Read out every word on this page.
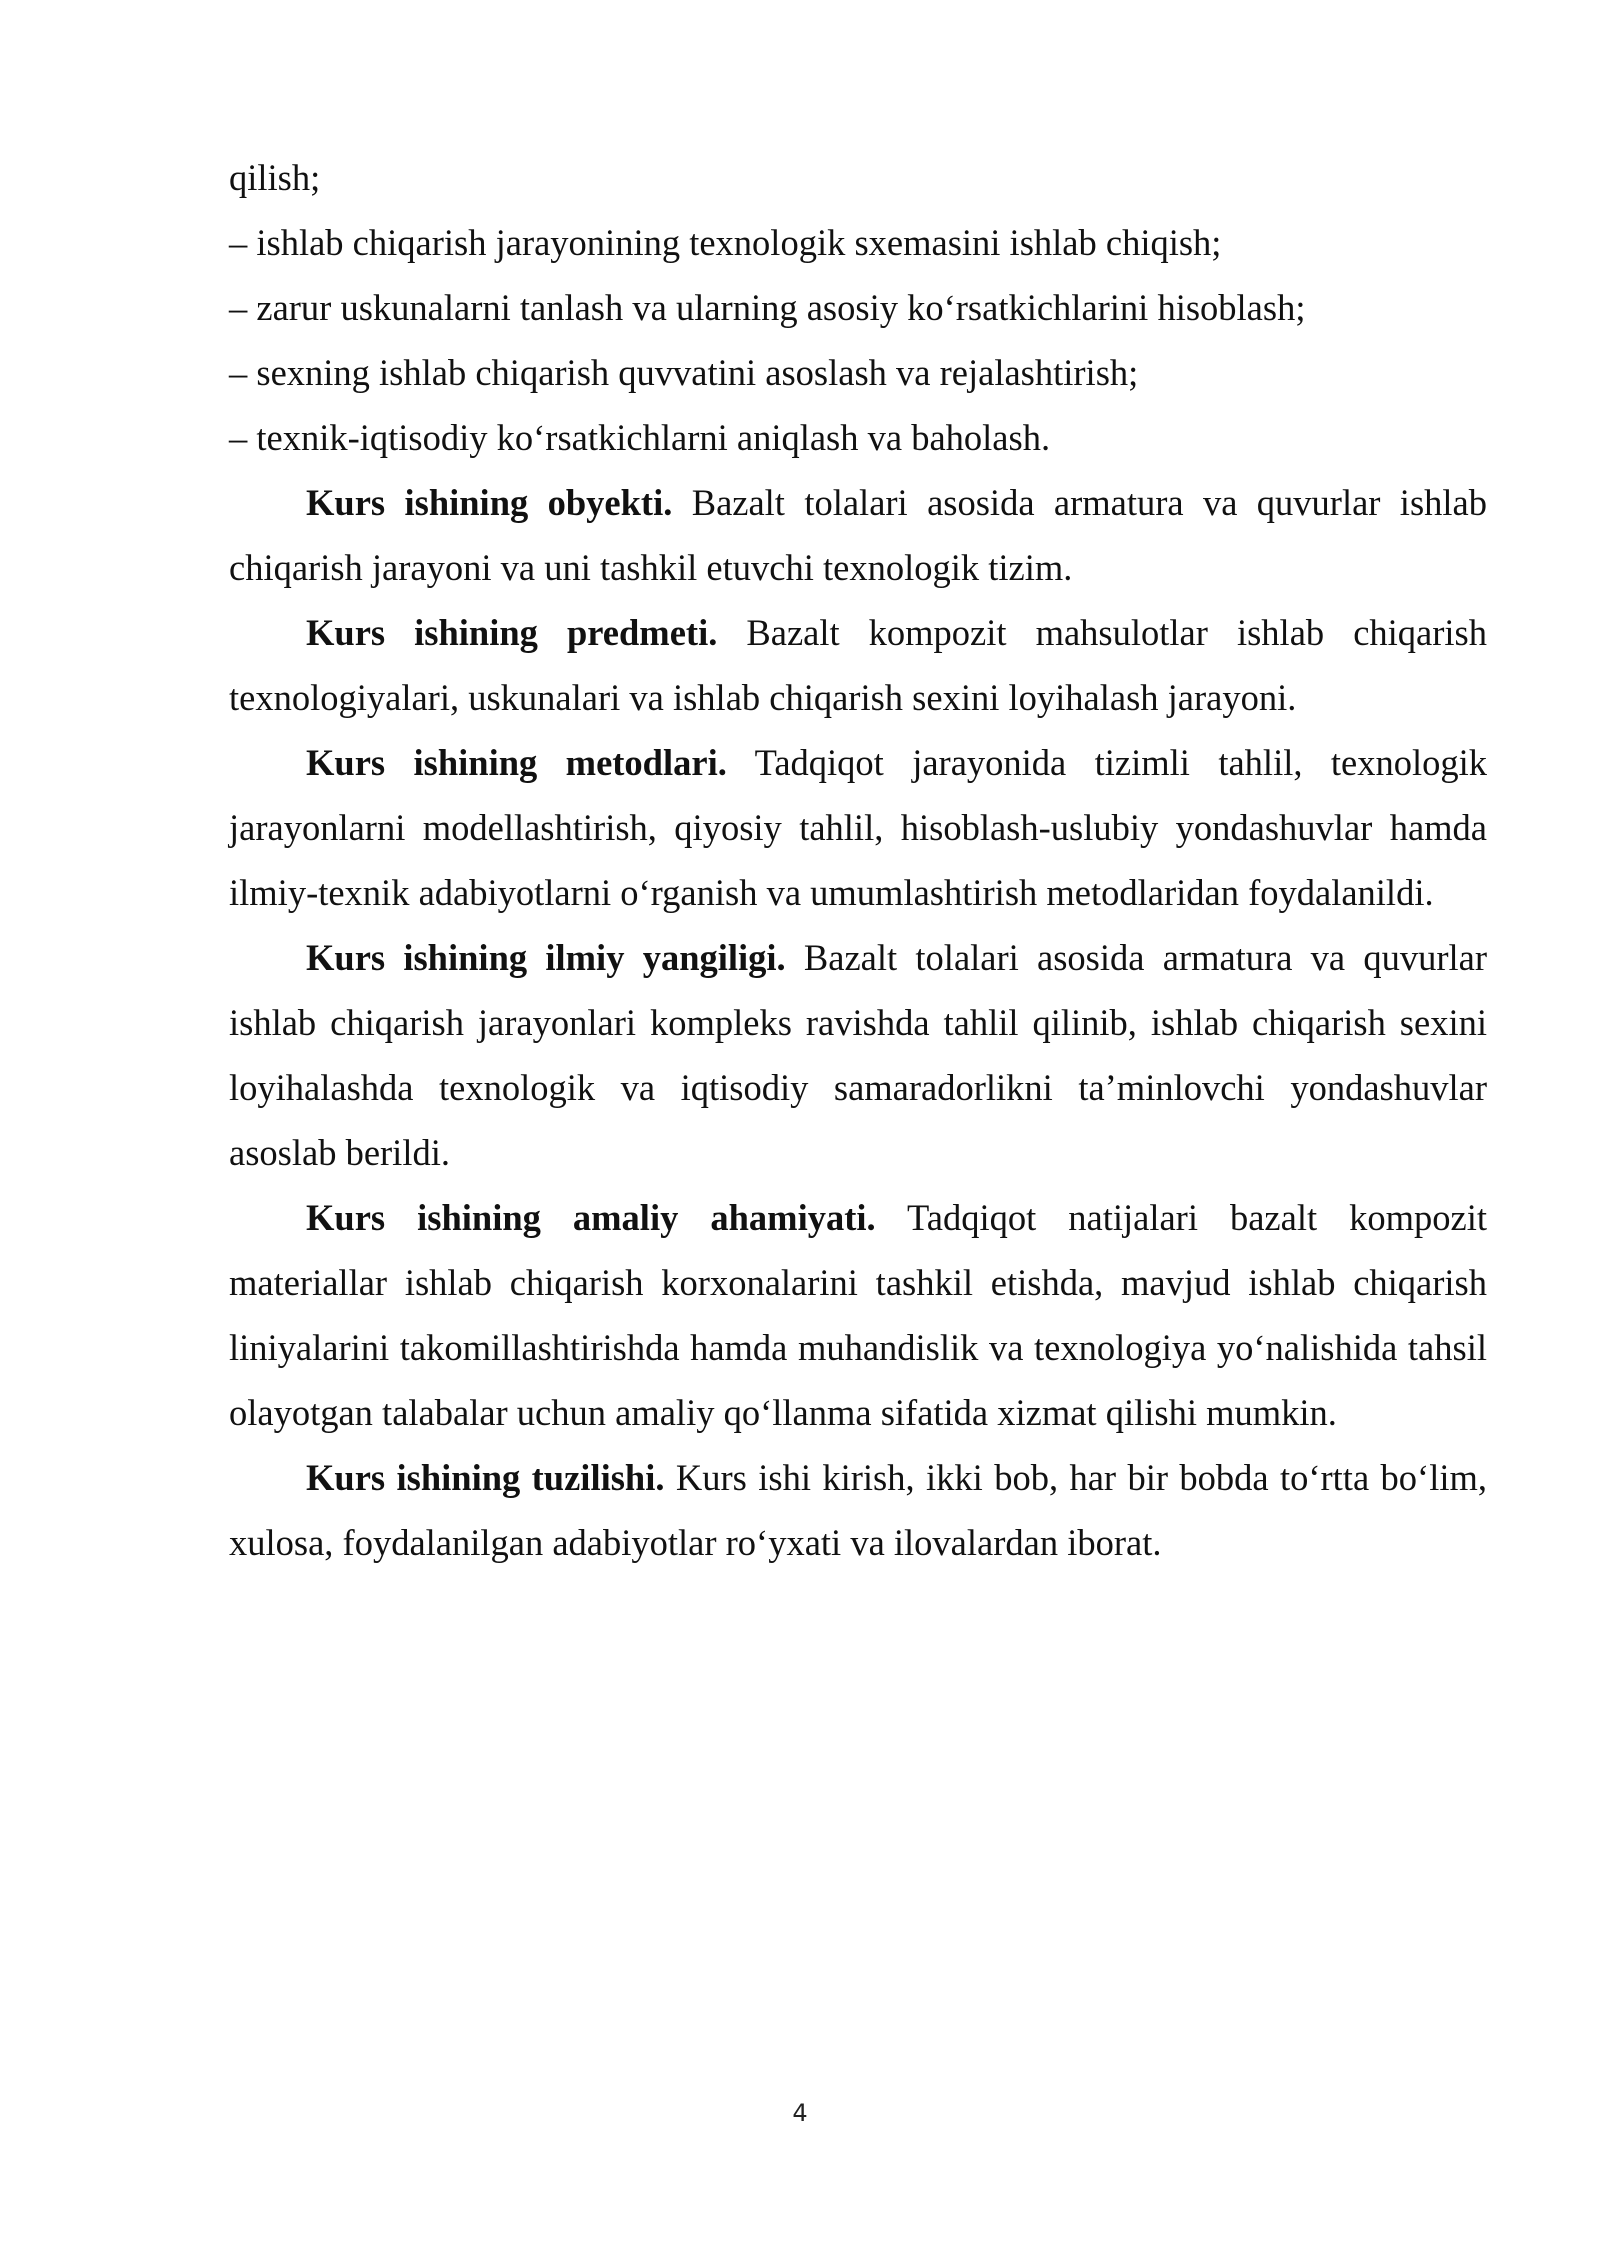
qilish;

– ishlab chiqarish jarayonining texnologik sxemasini ishlab chiqish;

– zarur uskunalarni tanlash va ularning asosiy ko‘rsatkichlarini hisoblash;

– sexning ishlab chiqarish quvvatini asoslash va rejalashtirish;

– texnik-iqtisodiy ko‘rsatkichlarni aniqlash va baholash.

Kurs ishining obyekti. Bazalt tolalari asosida armatura va quvurlar ishlab chiqarish jarayoni va uni tashkil etuvchi texnologik tizim.

Kurs ishining predmeti. Bazalt kompozit mahsulotlar ishlab chiqarish texnologiyalari, uskunalari va ishlab chiqarish sexini loyihalash jarayoni.

Kurs ishining metodlari. Tadqiqot jarayonida tizimli tahlil, texnologik jarayonlarni modellashtirish, qiyosiy tahlil, hisoblash-uslubiy yondashuvlar hamda ilmiy-texnik adabiyotlarni o‘rganish va umumlashtirish metodlaridan foydalanildi.

Kurs ishining ilmiy yangiligi. Bazalt tolalari asosida armatura va quvurlar ishlab chiqarish jarayonlari kompleks ravishda tahlil qilinib, ishlab chiqarish sexini loyihalashda texnologik va iqtisodiy samaradorlikni ta’minlovchi yondashuvlar asoslab berildi.

Kurs ishining amaliy ahamiyati. Tadqiqot natijalari bazalt kompozit materiallar ishlab chiqarish korxonalarini tashkil etishda, mavjud ishlab chiqarish liniyalarini takomillashtirishda hamda muhandislik va texnologiya yo‘nalishida tahsil olayotgan talabalar uchun amaliy qo‘llanma sifatida xizmat qilishi mumkin.

Kurs ishining tuzilishi. Kurs ishi kirish, ikki bob, har bir bobda to‘rtta bo‘lim, xulosa, foydalanilgan adabiyotlar ro‘yxati va ilovalardan iborat.

4
